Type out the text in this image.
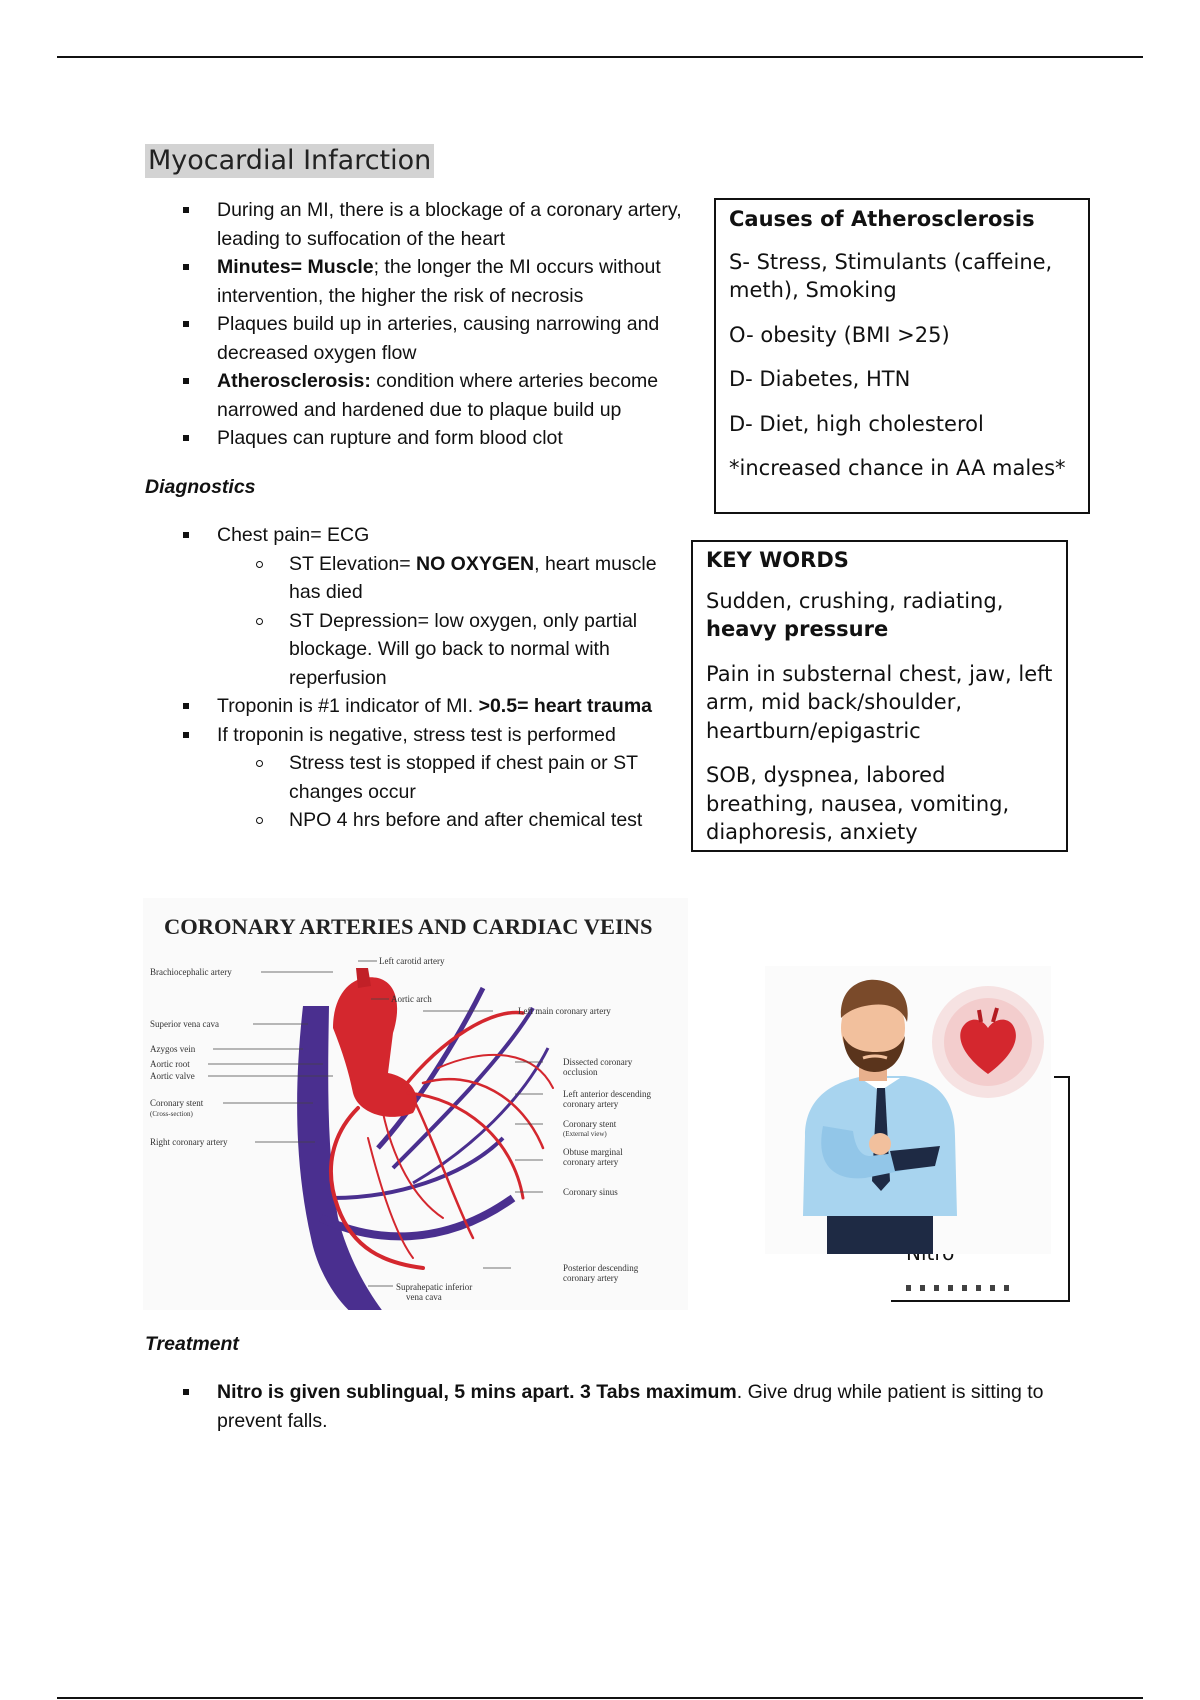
Myocardial Infarction
During an MI, there is a blockage of a coronary artery, leading to suffocation of the heart
Minutes= Muscle; the longer the MI occurs without intervention, the higher the risk of necrosis
Plaques build up in arteries, causing narrowing and decreased oxygen flow
Atherosclerosis: condition where arteries become narrowed and hardened due to plaque build up
Plaques can rupture and form blood clot
Diagnostics
Chest pain= ECG
ST Elevation= NO OXYGEN, heart muscle has died
ST Depression= low oxygen, only partial blockage. Will go back to normal with reperfusion
Troponin is #1 indicator of MI. >0.5= heart trauma
If troponin is negative, stress test is performed
Stress test is stopped if chest pain or ST changes occur
NPO 4 hrs before and after chemical test

Causes of Atherosclerosis

S- Stress, Stimulants (caffeine, meth), Smoking

O- obesity (BMI >25)

D- Diabetes, HTN

D- Diet, high cholesterol

*increased chance in AA males*

KEY WORDS

Sudden, crushing, radiating, heavy pressure

Pain in substernal chest, jaw, left arm, mid back/shoulder, heartburn/epigastric

SOB, dyspnea, labored breathing, nausea, vomiting, diaphoresis, anxiety

CORONARY ARTERIES AND CARDIAC VEINS
Brachiocephalic artery
Superior vena cava
Azygos vein
Aortic root
Aortic valve
Coronary stent
(Cross-section)
Right coronary artery
Left carotid artery
Aortic arch
Left main coronary artery
Dissected coronary
occlusion
Left anterior descending
coronary artery
Coronary stent
(External view)
Obtuse marginal
coronary artery
Coronary sinus
Posterior descending
coronary artery
Suprahepatic inferior
vena cava
Treatment
Nitro is given sublingual, 5 mins apart. 3 Tabs maximum. Give drug while patient is sitting to prevent falls.
